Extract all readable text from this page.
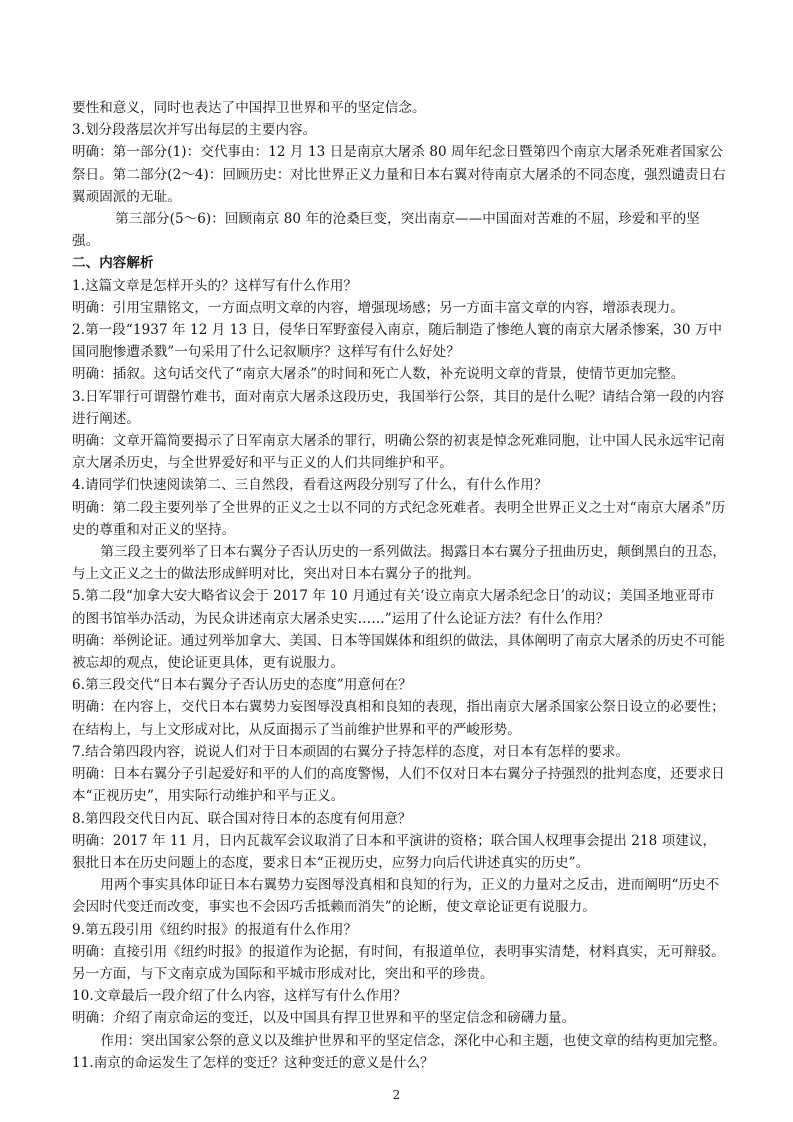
要性和意义，同时也表达了中国捍卫世界和平的坚定信念。

3.划分段落层次并写出每层的主要内容。

明确：第一部分(1)：交代事由：12 月 13 日是南京大屠杀 80 周年纪念日暨第四个南京大屠杀死难者国家公祭日。第二部分(2～4)：回顾历史：对比世界正义力量和日本右翼对待南京大屠杀的不同态度，强烈谴责日右翼顽固派的无耻。

第三部分(5～6)：回顾南京 80 年的沧桑巨变，突出南京——中国面对苦难的不屈，珍爱和平的坚强。

二、内容解析

1.这篇文章是怎样开头的？这样写有什么作用？

明确：引用宝鼎铭文，一方面点明文章的内容，增强现场感；另一方面丰富文章的内容，增添表现力。

2.第一段“1937 年 12 月 13 日，侵华日军野蛮侵入南京，随后制造了惨绝人寰的南京大屠杀惨案，30 万中国同胞惨遭杀戮”一句采用了什么记叙顺序？这样写有什么好处？

明确：插叙。这句话交代了“南京大屠杀”的时间和死亡人数，补充说明文章的背景，使情节更加完整。

3.日军罪行可谓罄竹难书，面对南京大屠杀这段历史，我国举行公祭，其目的是什么呢？请结合第一段的内容进行阐述。

明确：文章开篇简要揭示了日军南京大屠杀的罪行，明确公祭的初衷是悼念死难同胞，让中国人民永远牢记南京大屠杀历史，与全世界爱好和平与正义的人们共同维护和平。

4.请同学们快速阅读第二、三自然段，看看这两段分别写了什么，有什么作用？

明确：第二段主要列举了全世界的正义之士以不同的方式纪念死难者。表明全世界正义之士对“南京大屠杀”历史的尊重和对正义的坚持。

第三段主要列举了日本右翼分子否认历史的一系列做法。揭露日本右翼分子扭曲历史，颠倒黑白的丑态，与上文正义之士的做法形成鲜明对比，突出对日本右翼分子的批判。

5.第二段“加拿大安大略省议会于 2017 年 10 月通过有关‘设立南京大屠杀纪念日’的动议；美国圣地亚哥市的图书馆举办活动，为民众讲述南京大屠杀史实……”运用了什么论证方法？有什么作用？

明确：举例论证。通过列举加拿大、美国、日本等国媒体和组织的做法，具体阐明了南京大屠杀的历史不可能被忘却的观点，使论证更具体，更有说服力。

6.第三段交代“日本右翼分子否认历史的态度”用意何在？

明确：在内容上，交代日本右翼势力妄图辱没真相和良知的表现，指出南京大屠杀国家公祭日设立的必要性；在结构上，与上文形成对比，从反面揭示了当前维护世界和平的严峻形势。

7.结合第四段内容，说说人们对于日本顽固的右翼分子持怎样的态度，对日本有怎样的要求。

明确：日本右翼分子引起爱好和平的人们的高度警惕，人们不仅对日本右翼分子持强烈的批判态度，还要求日本“正视历史”，用实际行动维护和平与正义。

8.第四段交代日内瓦、联合国对待日本的态度有何用意？

明确：2017 年 11 月，日内瓦裁军会议取消了日本和平演讲的资格；联合国人权理事会提出 218 项建议，狠批日本在历史问题上的态度，要求日本“正视历史，应努力向后代讲述真实的历史”。

用两个事实具体印证日本右翼势力妄图辱没真相和良知的行为，正义的力量对之反击，进而阐明“历史不会因时代变迁而改变，事实也不会因巧舌抵赖而消失”的论断，使文章论证更有说服力。

9.第五段引用《纽约时报》的报道有什么作用？

明确：直接引用《纽约时报》的报道作为论据，有时间，有报道单位，表明事实清楚，材料真实，无可辩驳。另一方面，与下文南京成为国际和平城市形成对比，突出和平的珍贵。

10.文章最后一段介绍了什么内容，这样写有什么作用？

明确：介绍了南京命运的变迁，以及中国具有捍卫世界和平的坚定信念和磅礴力量。

作用：突出国家公祭的意义以及维护世界和平的坚定信念，深化中心和主题，也使文章的结构更加完整。

11.南京的命运发生了怎样的变迁？这种变迁的意义是什么？

2
